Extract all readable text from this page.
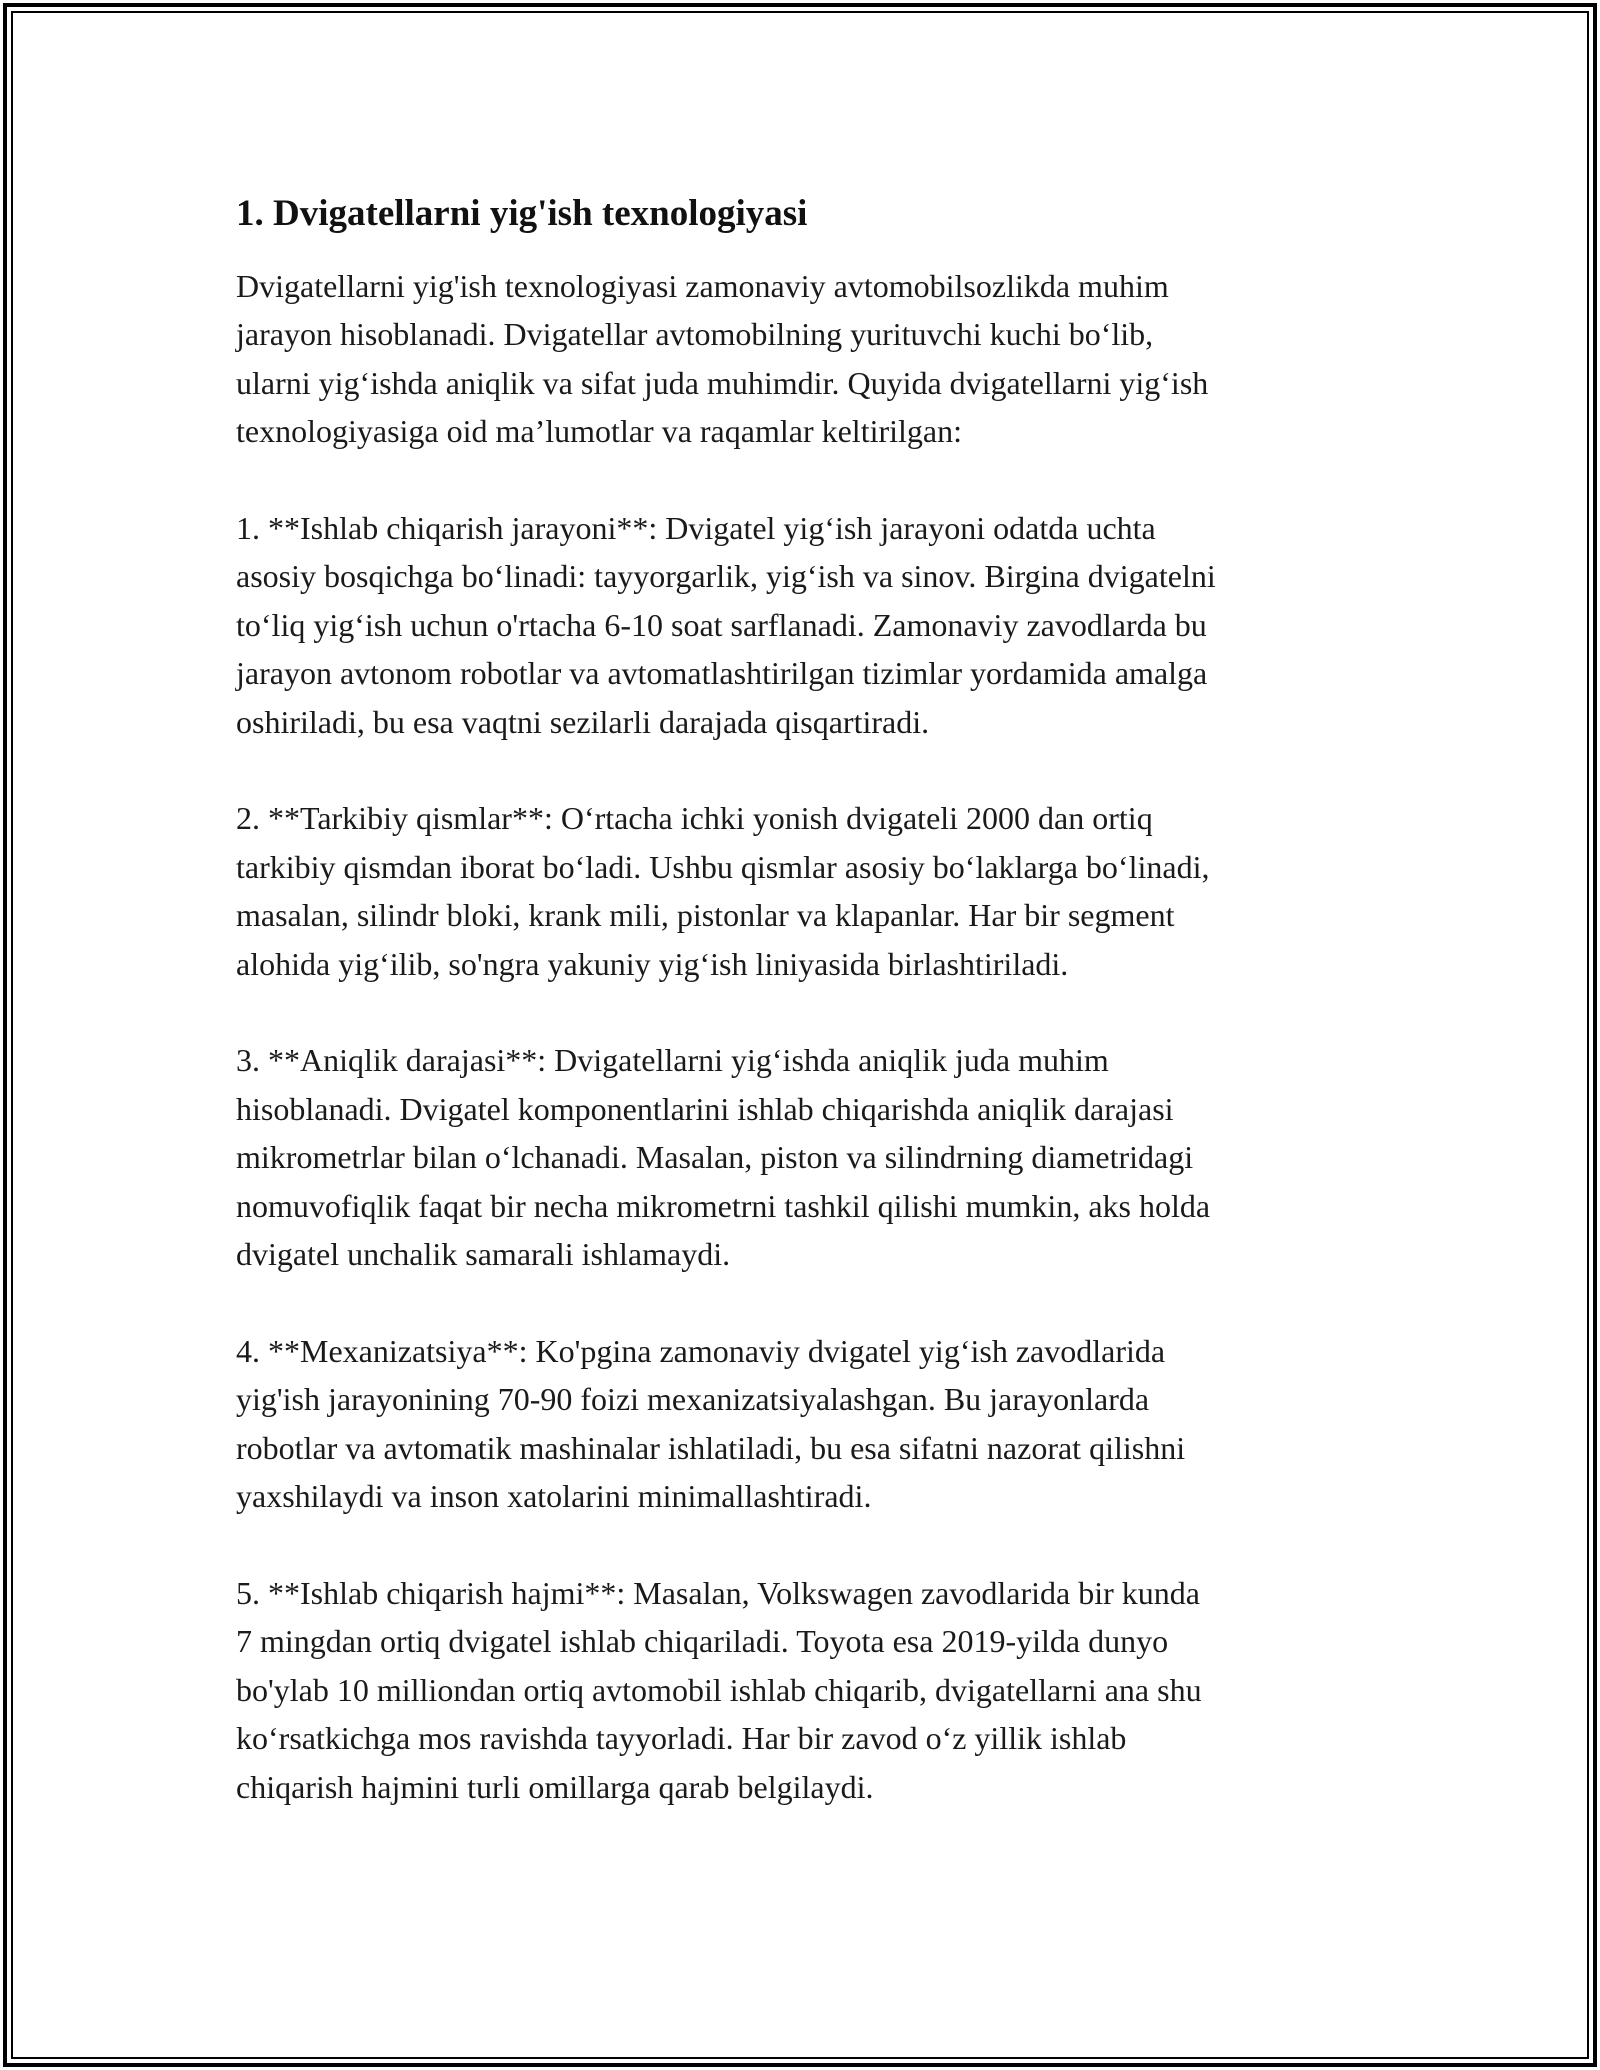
1. Dvigatellarni yig'ish texnologiyasi

Dvigatellarni yig'ish texnologiyasi zamonaviy avtomobilsozlikda muhim
jarayon hisoblanadi. Dvigatellar avtomobilning yurituvchi kuchi bo‘lib,
ularni yig‘ishda aniqlik va sifat juda muhimdir. Quyida dvigatellarni yig‘ish
texnologiyasiga oid ma’lumotlar va raqamlar keltirilgan:

1. **Ishlab chiqarish jarayoni**: Dvigatel yig‘ish jarayoni odatda uchta
asosiy bosqichga bo‘linadi: tayyorgarlik, yig‘ish va sinov. Birgina dvigatelni
to‘liq yig‘ish uchun o'rtacha 6-10 soat sarflanadi. Zamonaviy zavodlarda bu
jarayon avtonom robotlar va avtomatlashtirilgan tizimlar yordamida amalga
oshiriladi, bu esa vaqtni sezilarli darajada qisqartiradi.

2. **Tarkibiy qismlar**: O‘rtacha ichki yonish dvigateli 2000 dan ortiq
tarkibiy qismdan iborat bo‘ladi. Ushbu qismlar asosiy bo‘laklarga bo‘linadi,
masalan, silindr bloki, krank mili, pistonlar va klapanlar. Har bir segment
alohida yig‘ilib, so'ngra yakuniy yig‘ish liniyasida birlashtiriladi.

3. **Aniqlik darajasi**: Dvigatellarni yig‘ishda aniqlik juda muhim
hisoblanadi. Dvigatel komponentlarini ishlab chiqarishda aniqlik darajasi
mikrometrlar bilan o‘lchanadi. Masalan, piston va silindrning diametridagi
nomuvofiqlik faqat bir necha mikrometrni tashkil qilishi mumkin, aks holda
dvigatel unchalik samarali ishlamaydi.

4. **Mexanizatsiya**: Ko'pgina zamonaviy dvigatel yig‘ish zavodlarida
yig'ish jarayonining 70-90 foizi mexanizatsiyalashgan. Bu jarayonlarda
robotlar va avtomatik mashinalar ishlatiladi, bu esa sifatni nazorat qilishni
yaxshilaydi va inson xatolarini minimallashtiradi.

5. **Ishlab chiqarish hajmi**: Masalan, Volkswagen zavodlarida bir kunda
7 mingdan ortiq dvigatel ishlab chiqariladi. Toyota esa 2019-yilda dunyo
bo'ylab 10 milliondan ortiq avtomobil ishlab chiqarib, dvigatellarni ana shu
ko‘rsatkichga mos ravishda tayyorladi. Har bir zavod o‘z yillik ishlab
chiqarish hajmini turli omillarga qarab belgilaydi.
